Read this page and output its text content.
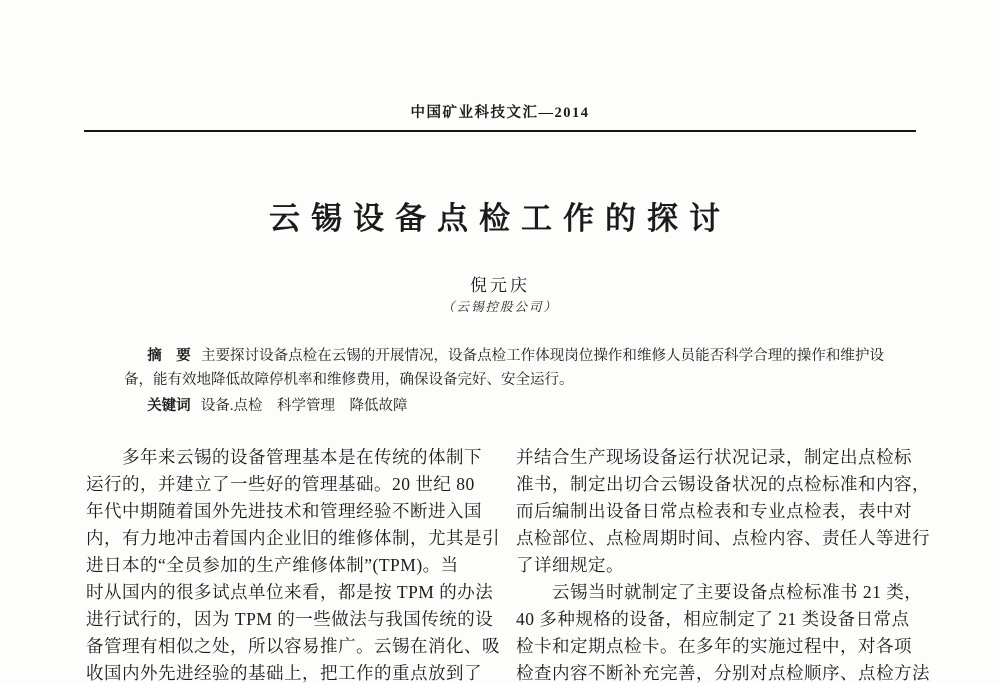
中国矿业科技文汇—2014
云锡设备点检工作的探讨
倪元庆
（云锡控股公司）

摘　要 主要探讨设备点检在云锡的开展情况，设备点检工作体现岗位操作和维修人员能否科学合理的操作和维护设备，能有效地降低故障停机率和维修费用，确保设备完好、安全运行。

关键词 设备.点检　科学管理　降低故障

　　多年来云锡的设备管理基本是在传统的体制下
运行的，并建立了一些好的管理基础。20 世纪 80
年代中期随着国外先进技术和管理经验不断进入国
内，有力地冲击着国内企业旧的维修体制，尤其是引
进日本的“全员参加的生产维修体制”(TPM)。当
时从国内的很多试点单位来看，都是按 TPM 的办法
进行试行的，因为 TPM 的一些做法与我国传统的设
备管理有相似之处，所以容易推广。云锡在消化、吸
收国内外先进经验的基础上，把工作的重点放到了
并结合生产现场设备运行状况记录，制定出点检标
准书，制定出切合云锡设备状况的点检标准和内容，
而后编制出设备日常点检表和专业点检表，表中对
点检部位、点检周期时间、点检内容、责任人等进行
了详细规定。
　　云锡当时就制定了主要设备点检标准书 21 类，
40 多种规格的设备，相应制定了 21 类设备日常点
检卡和定期点检卡。在多年的实施过程中，对各项
检查内容不断补充完善，分别对点检顺序、点检方法
